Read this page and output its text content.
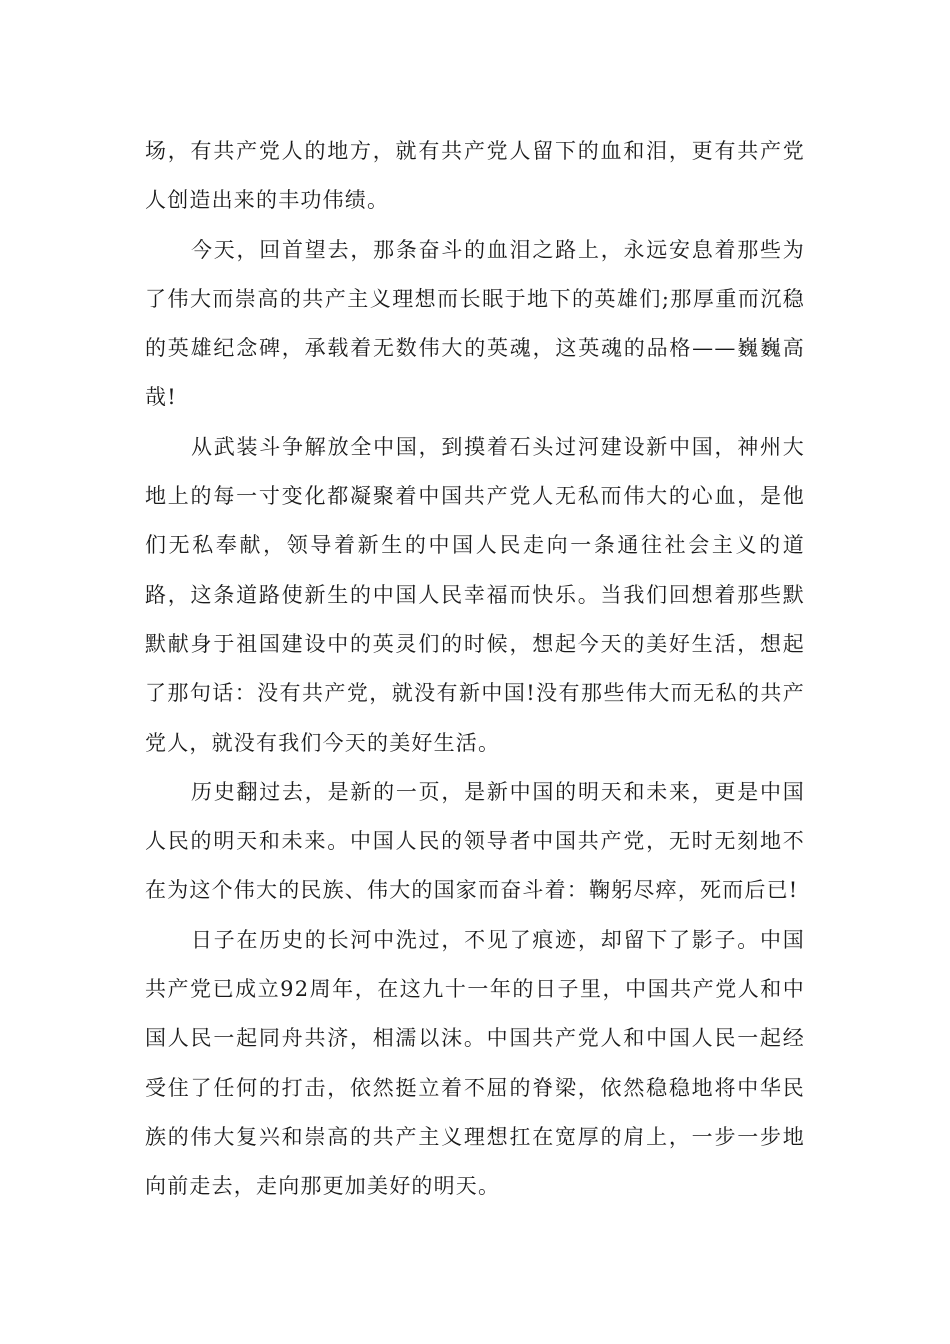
场，有共产党人的地方，就有共产党人留下的血和泪，更有共产党人创造出来的丰功伟绩。

今天，回首望去，那条奋斗的血泪之路上，永远安息着那些为了伟大而崇高的共产主义理想而长眠于地下的英雄们;那厚重而沉稳的英雄纪念碑，承载着无数伟大的英魂，这英魂的品格——巍巍高哉!

从武装斗争解放全中国，到摸着石头过河建设新中国，神州大地上的每一寸变化都凝聚着中国共产党人无私而伟大的心血，是他们无私奉献，领导着新生的中国人民走向一条通往社会主义的道路，这条道路使新生的中国人民幸福而快乐。当我们回想着那些默默献身于祖国建设中的英灵们的时候，想起今天的美好生活，想起了那句话：没有共产党，就没有新中国!没有那些伟大而无私的共产党人，就没有我们今天的美好生活。

历史翻过去，是新的一页，是新中国的明天和未来，更是中国人民的明天和未来。中国人民的领导者中国共产党，无时无刻地不在为这个伟大的民族、伟大的国家而奋斗着：鞠躬尽瘁，死而后已!

日子在历史的长河中洗过，不见了痕迹，却留下了影子。中国共产党已成立92周年，在这九十一年的日子里，中国共产党人和中国人民一起同舟共济，相濡以沫。中国共产党人和中国人民一起经受住了任何的打击，依然挺立着不屈的脊梁，依然稳稳地将中华民族的伟大复兴和崇高的共产主义理想扛在宽厚的肩上，一步一步地向前走去，走向那更加美好的明天。
